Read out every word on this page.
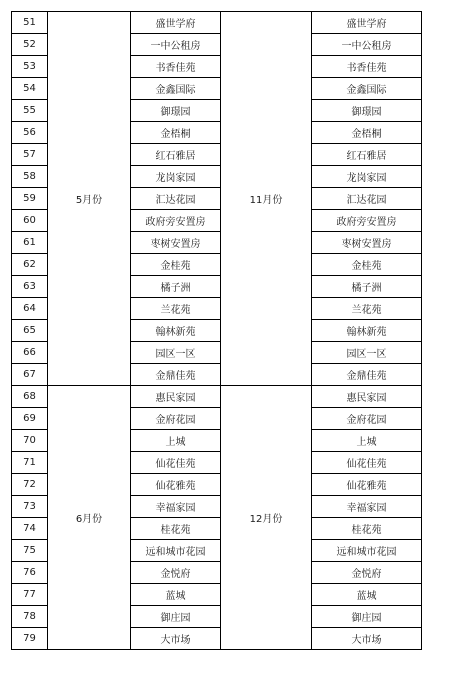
51	5月份	盛世学府	11月份	盛世学府
52		一中公租房		一中公租房
53		书香佳苑		书香佳苑
54		金鑫国际		金鑫国际
55		御璟园		御璟园
56		金梧桐		金梧桐
57		红石雅居		红石雅居
58		龙岗家园		龙岗家园
59		汇达花园		汇达花园
60		政府旁安置房		政府旁安置房
61		枣树安置房		枣树安置房
62		金桂苑		金桂苑
63		橘子洲		橘子洲
64		兰花苑		兰花苑
65		翰林新苑		翰林新苑
66		园区一区		园区一区
67		金鼎佳苑		金鼎佳苑
68	6月份	惠民家园	12月份	惠民家园
69		金府花园		金府花园
70		上城		上城
71		仙花佳苑		仙花佳苑
72		仙花雅苑		仙花雅苑
73		幸福家园		幸福家园
74		桂花苑		桂花苑
75		远和城市花园		远和城市花园
76		金悦府		金悦府
77		蓝城		蓝城
78		御庄园		御庄园
79		大市场		大市场
